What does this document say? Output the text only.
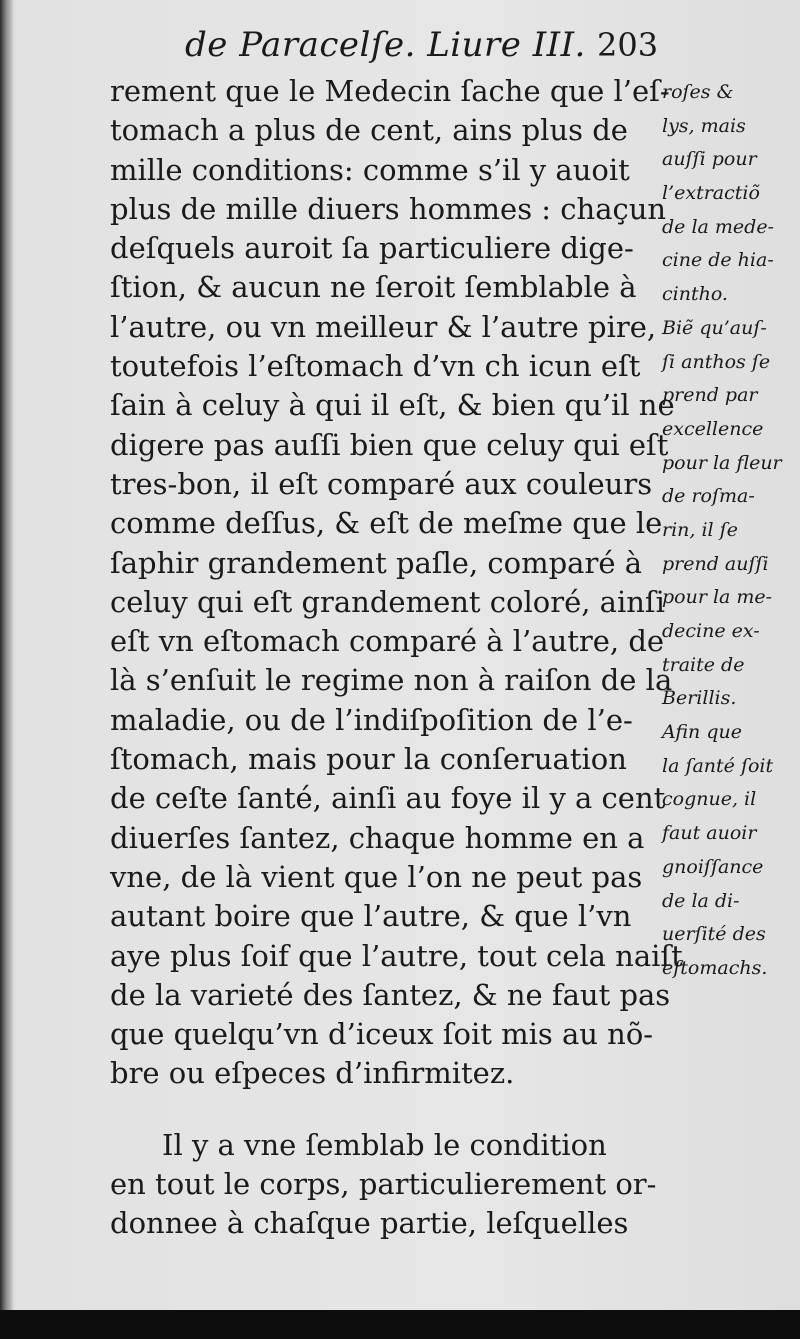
de Paracelſe. Liure III. 203
rement que le Medecin ſache que l’eſ-
tomach a plus de cent, ains plus de
mille conditions: comme s’il y auoit
plus de mille diuers hommes : chaçun
deſquels auroit ſa particuliere dige-
ſtion, & aucun ne ſeroit ſemblable à
l’autre, ou vn meilleur & l’autre pire,
toutefois l’eſtomach d’vn ch icun eſt
ſain à celuy à qui il eſt, & bien qu’il ne
digere pas auſſi bien que celuy qui eſt
tres-bon, il eſt comparé aux couleurs
comme deſſus, & eſt de meſme que le
ſaphir grandement paſle, comparé à
celuy qui eſt grandement coloré, ainſi
eſt vn eſtomach comparé à l’autre, de
là s’enſuit le regime non à raiſon de la
maladie, ou de l’indiſpoſition de l’e-
ſtomach, mais pour la conſeruation
de ceſte ſanté, ainſi au foye il y a cent
diuerſes ſantez, chaque homme en a
vne, de là vient que l’on ne peut pas
autant boire que l’autre, & que l’vn
aye plus ſoif que l’autre, tout cela naiſt
de la varieté des ſantez, & ne faut pas
que quelqu’vn d’iceux ſoit mis au nõ-
bre ou eſpeces d’infirmitez.
Il y a vne ſemblab le condition
en tout le corps, particulierement or-
donnee à chaſque partie, leſquelles
roſes &
lys, mais
auſſi pour
l’extractiõ
de la mede-
cine de hia-
cintho.
Biẽ qu’auſ-
ſi anthos ſe
prend par
excellence
pour la fleur
de roſma-
rin, il ſe
prend auſſi
pour la me-
decine ex-
traite de
Berillis.
Afin que
la ſanté ſoit
cognue, il
faut auoir
gnoiſſance
de la di-
uerſité des
eſtomachs.
